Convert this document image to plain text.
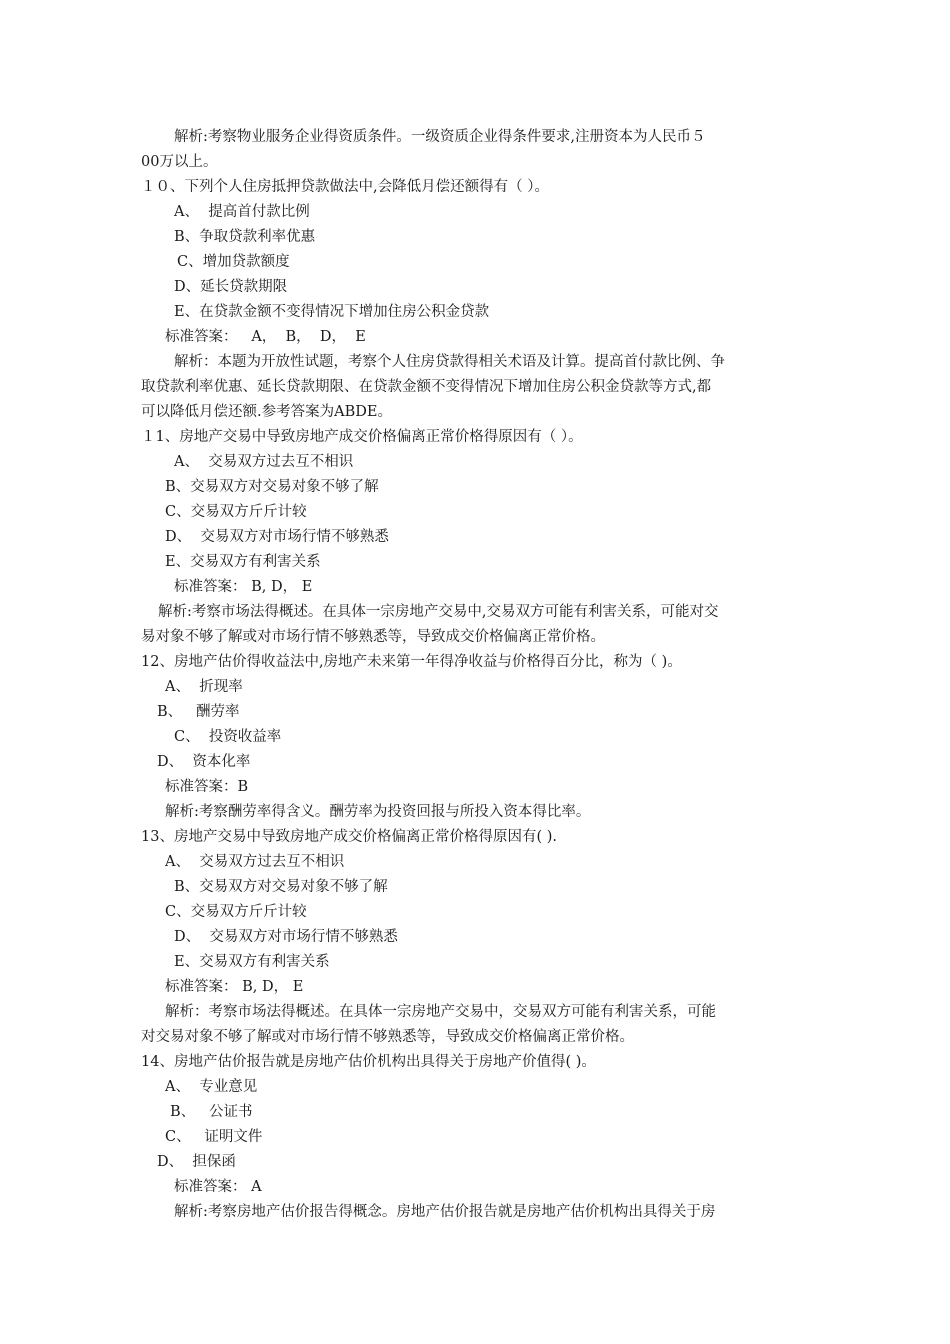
解析:考察物业服务企业得资质条件。一级资质企业得条件要求,注册资本为人民币５
00万以上。
１０、下列个人住房抵押贷款做法中,会降低月偿还额得有（ ）。
A、  提高首付款比例
B、争取贷款利率优惠
C、增加贷款额度
D、延长贷款期限
E、在贷款金额不变得情况下增加住房公积金贷款
标准答案：   A，  B，  D，  E
解析：本题为开放性试题，考察个人住房贷款得相关术语及计算。提高首付款比例、争
取贷款利率优惠、延长贷款期限、在贷款金额不变得情况下增加住房公积金贷款等方式,都
可以降低月偿还额.参考答案为ABDE。
１1、房地产交易中导致房地产成交价格偏离正常价格得原因有（ ）。
A、  交易双方过去互不相识
B、交易双方对交易对象不够了解
C、交易双方斤斤计较
D、  交易双方对市场行情不够熟悉
E、交易双方有利害关系
标准答案： B, D， E
解析:考察市场法得概述。在具体一宗房地产交易中,交易双方可能有利害关系，可能对交
易对象不够了解或对市场行情不够熟悉等，导致成交价格偏离正常价格。
12、房地产估价得收益法中,房地产未来第一年得净收益与价格得百分比，称为（ )。
A、  折现率
B、   酬劳率
C、  投资收益率
D、  资本化率
标准答案：B
解析:考察酬劳率得含义。酬劳率为投资回报与所投入资本得比率。
13、房地产交易中导致房地产成交价格偏离正常价格得原因有( ).
A、  交易双方过去互不相识
B、交易双方对交易对象不够了解
C、交易双方斤斤计较
D、  交易双方对市场行情不够熟悉
E、交易双方有利害关系
标准答案： B, D， E
解析：考察市场法得概述。在具体一宗房地产交易中，交易双方可能有利害关系，可能
对交易对象不够了解或对市场行情不够熟悉等，导致成交价格偏离正常价格。
14、房地产估价报告就是房地产估价机构出具得关于房地产价值得( )。
A、  专业意见
B、   公证书
C、   证明文件
D、  担保函
标准答案： A
解析:考察房地产估价报告得概念。房地产估价报告就是房地产估价机构出具得关于房
